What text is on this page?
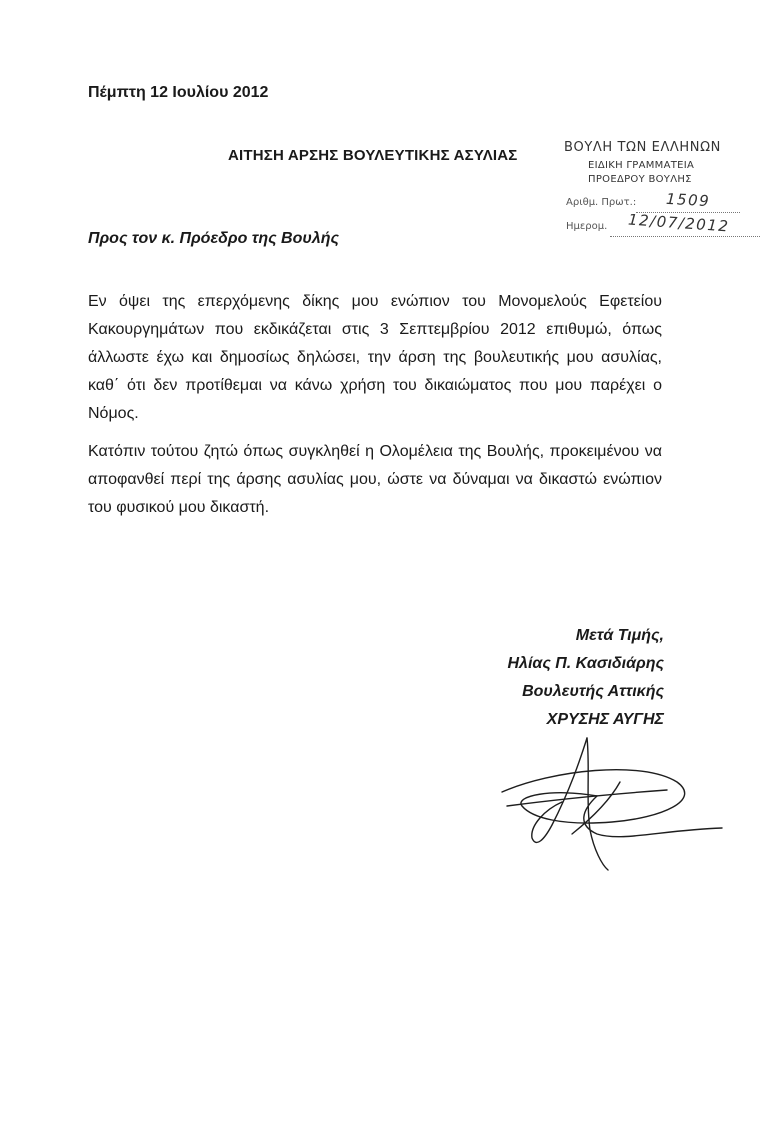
Πέμπτη 12 Ιουλίου 2012
ΑΙΤΗΣΗ ΑΡΣΗΣ ΒΟΥΛΕΥΤΙΚΗΣ ΑΣΥΛΙΑΣ	ΒΟΥΛΗ ΤΩΝ ΕΛΛΗΝΩΝ
ΕΙΔΙΚΗ ΓΡΑΜΜΑΤΕΙΑ
ΠΡΟΕΔΡΟΥ ΒΟΥΛΗΣ
Αριθμ. Πρωτ.: 1509
Ημερομ. 12/07/2012
Προς τον κ. Πρόεδρο της Βουλής

Εν όψει της επερχόμενης δίκης μου ενώπιον του Μονομελούς Εφετείου Κακουργημάτων που εκδικάζεται στις 3 Σεπτεμβρίου 2012 επιθυμώ, όπως άλλωστε έχω και δημοσίως δηλώσει, την άρση της βουλευτικής μου ασυλίας, καθ΄ ότι δεν προτίθεμαι να κάνω χρήση του δικαιώματος που μου παρέχει ο Νόμος.

Κατόπιν τούτου ζητώ όπως συγκληθεί η Ολομέλεια της Βουλής, προκειμένου να αποφανθεί περί της άρσης ασυλίας μου, ώστε να δύναμαι να δικαστώ ενώπιον του φυσικού μου δικαστή.

Μετά Τιμής,
Ηλίας Π. Κασιδιάρης
Βουλευτής Αττικής
ΧΡΥΣΗΣ ΑΥΓΗΣ
